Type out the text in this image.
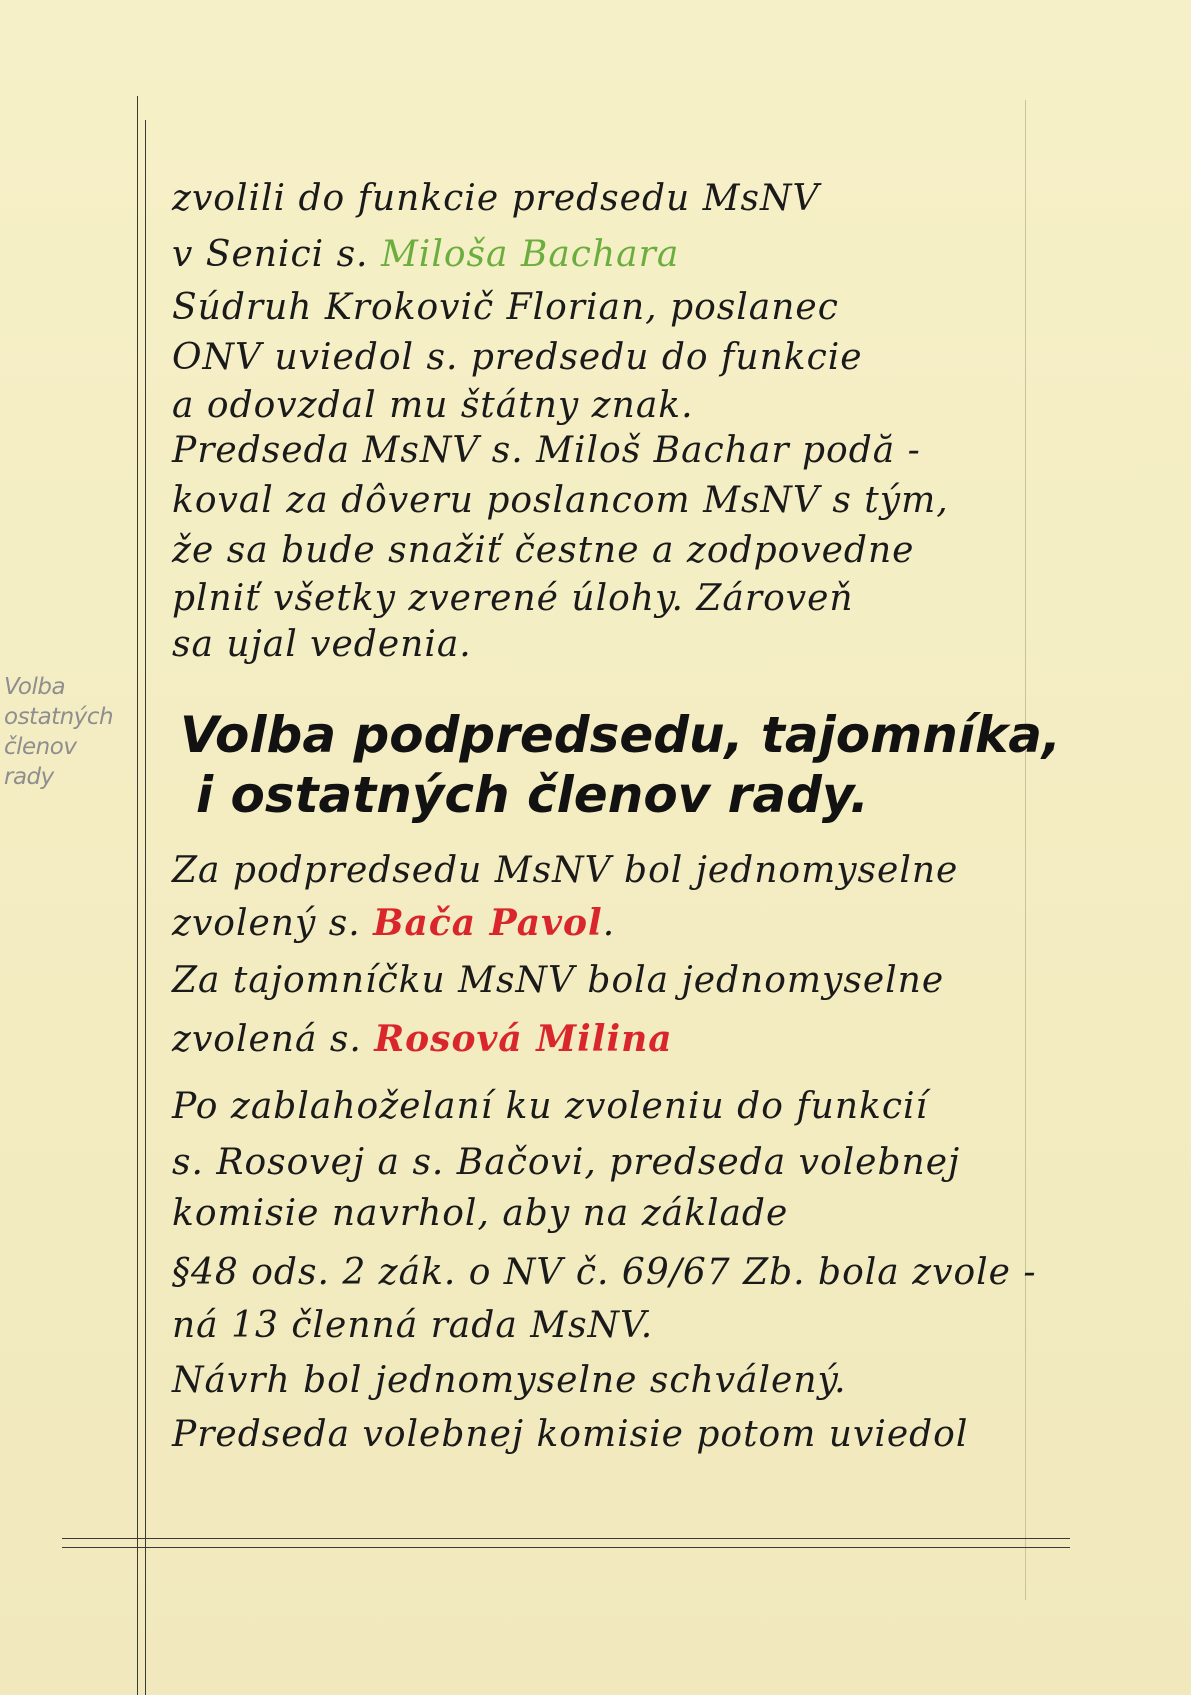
Volba
ostatných
členov rady
zvolili do funkcie predsedu MsNV
v Senici s. Miloša Bachara
Súdruh Krokovič Florian, poslanec
ONV uviedol s. predsedu do funkcie
a odovzdal mu štátny znak.
Predseda MsNV s. Miloš Bachar podă -
koval za dôveru poslancom MsNV s tým,
že sa bude snažiť čestne a zodpovedne
plniť všetky zverené úlohy. Zároveň
sa ujal vedenia.
Volba podpredsedu, tajomníka,
i ostatných členov rady.
Za podpredsedu MsNV bol jednomyselne
zvolený s. Bača Pavol.
Za tajomníčku MsNV bola jednomyselne
zvolená s. Rosová Milina
Po zablahoželaní ku zvoleniu do funkcií
s. Rosovej a s. Bačovi, predseda volebnej
komisie navrhol, aby na základe
§48 ods. 2 zák. o NV č. 69/67 Zb. bola zvole -
ná 13 členná rada MsNV.
Návrh bol jednomyselne schválený.
Predseda volebnej komisie potom uviedol
